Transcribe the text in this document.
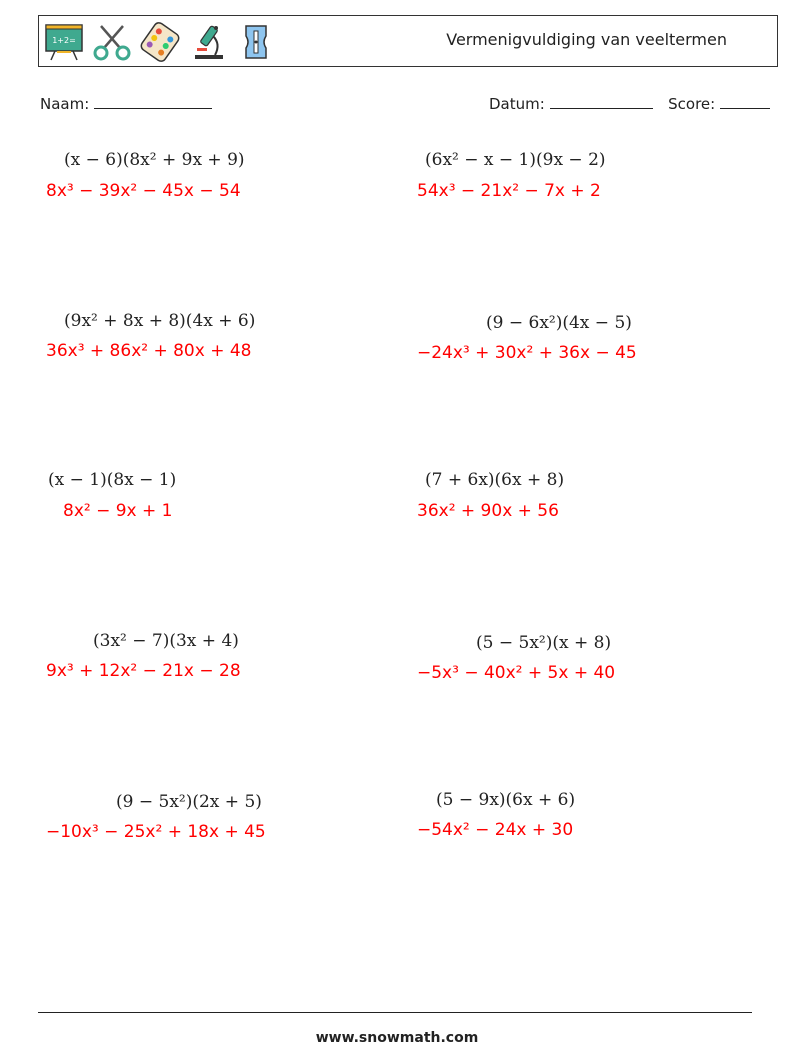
1+2=	Vermenigvuldiging van veeltermen
Naam:	Datum:	Score:
(x − 6)(8x² + 9x + 9)
8x³ − 39x² − 45x − 54
(6x² − x − 1)(9x − 2)
54x³ − 21x² − 7x + 2
(9x² + 8x + 8)(4x + 6)
36x³ + 86x² + 80x + 48
(9 − 6x²)(4x − 5)
−24x³ + 30x² + 36x − 45
(x − 1)(8x − 1)
8x² − 9x + 1
(7 + 6x)(6x + 8)
36x² + 90x + 56
(3x² − 7)(3x + 4)
9x³ + 12x² − 21x − 28
(5 − 5x²)(x + 8)
−5x³ − 40x² + 5x + 40
(9 − 5x²)(2x + 5)
−10x³ − 25x² + 18x + 45
(5 − 9x)(6x + 6)
−54x² − 24x + 30
www.snowmath.com
